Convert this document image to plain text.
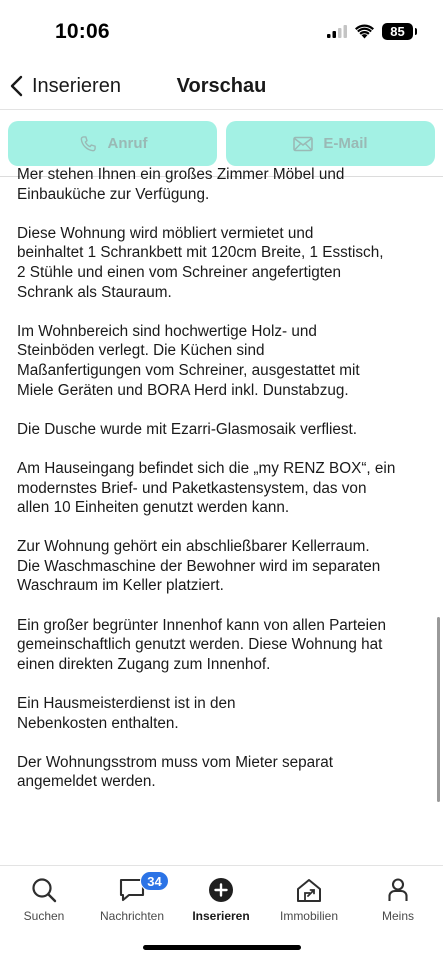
10:06	85
Inserieren	Vorschau
Anruf	E-Mail

Mer stehen Ihnen ein großes Zimmer Möbel und
Einbauküche zur Verfügung.

Diese Wohnung wird möbliert vermietet und
beinhaltet 1 Schrankbett mit 120cm Breite, 1 Esstisch,
2 Stühle und einen vom Schreiner angefertigten
Schrank als Stauraum.

Im Wohnbereich sind hochwertige Holz- und
Steinböden verlegt. Die Küchen sind
Maßanfertigungen vom Schreiner, ausgestattet mit
Miele Geräten und BORA Herd inkl. Dunstabzug.

Die Dusche wurde mit Ezarri-Glasmosaik verfliest.

Am Hauseingang befindet sich die „my RENZ BOX“, ein
modernstes Brief- und Paketkastensystem, das von
allen 10 Einheiten genutzt werden kann.

Zur Wohnung gehört ein abschließbarer Kellerraum.
Die Waschmaschine der Bewohner wird im separaten
Waschraum im Keller platziert.

Ein großer begrünter Innenhof kann von allen Parteien
gemeinschaftlich genutzt werden. Diese Wohnung hat
einen direkten Zugang zum Innenhof.

Ein Hausmeisterdienst ist in den
Nebenkosten enthalten.

Der Wohnungsstrom muss vom Mieter separat
angemeldet werden.

Suchen
34
Nachrichten	Inserieren	Immobilien	Meins
